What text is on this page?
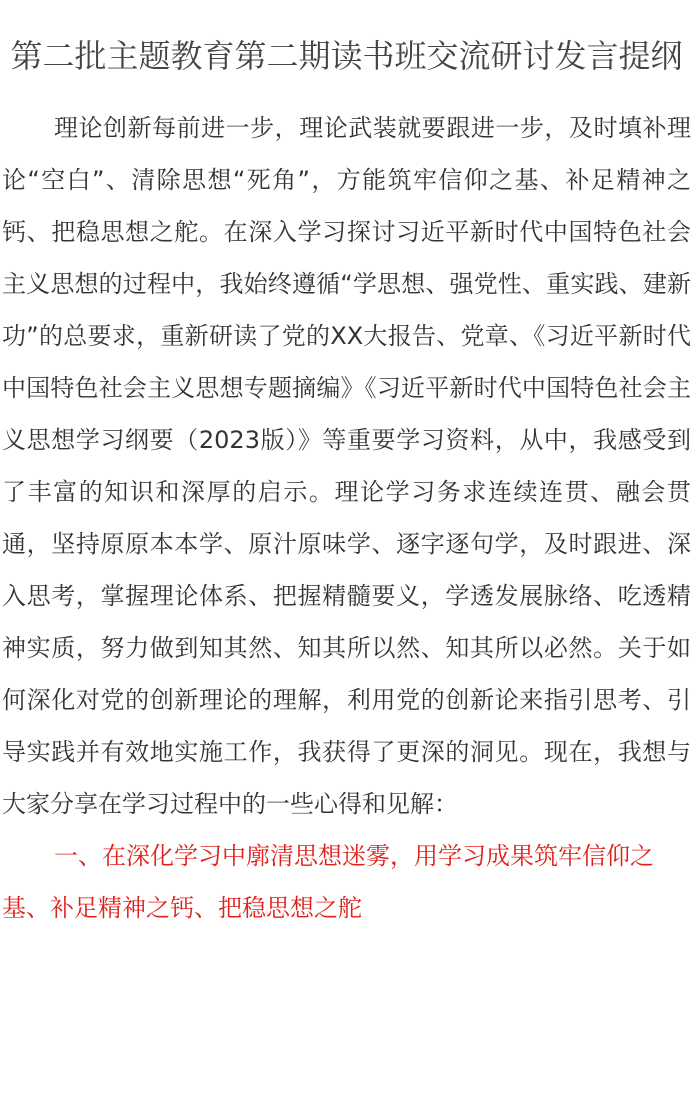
第二批主题教育第二期读书班交流研讨发言提纲

理论创新每前进一步，理论武装就要跟进一步，及时填补理论“空白”、清除思想“死角”，方能筑牢信仰之基、补足精神之钙、把稳思想之舵。在深入学习探讨习近平新时代中国特色社会主义思想的过程中，我始终遵循“学思想、强党性、重实践、建新功”的总要求，重新研读了党的XX大报告、党章、《习近平新时代中国特色社会主义思想专题摘编》《习近平新时代中国特色社会主义思想学习纲要（2023版）》等重要学习资料，从中，我感受到了丰富的知识和深厚的启示。理论学习务求连续连贯、融会贯通，坚持原原本本学、原汁原味学、逐字逐句学，及时跟进、深入思考，掌握理论体系、把握精髓要义，学透发展脉络、吃透精神实质，努力做到知其然、知其所以然、知其所以必然。关于如何深化对党的创新理论的理解，利用党的创新论来指引思考、引导实践并有效地实施工作，我获得了更深的洞见。现在，我想与大家分享在学习过程中的一些心得和见解：

一、在深化学习中廓清思想迷雾，用学习成果筑牢信仰之基、补足精神之钙、把稳思想之舵
